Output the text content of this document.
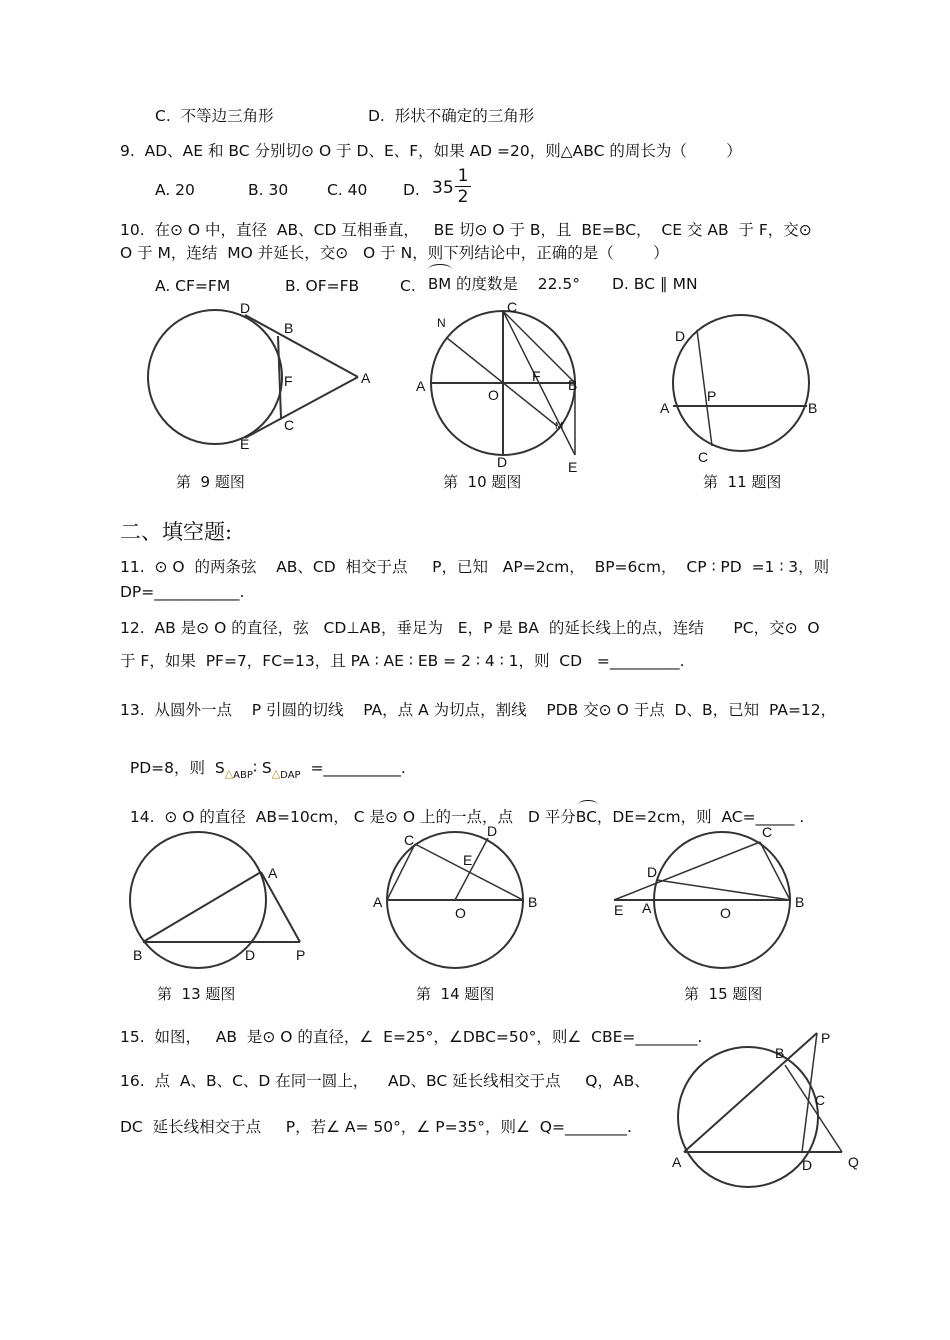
C.  不等边三角形	D.  形状不确定的三角形
9.  AD、AE 和 BC 分别切⊙ O 于 D、E、F，如果 AD =20，则△ABC 的周长为（        ）
A. 20	B. 30	C. 40 D. $35 \frac{1}{2}$
10.  在⊙ O 中，直径  AB、CD 互相垂直，   BE 切⊙ O 于 B，且  BE=BC，  CE 交 AB  于 F，交⊙
O 于 M，连结  MO 并延长，交⊙   O 于 N，则下列结论中，正确的是（        ）
A. CF=FM	B. OF=FB	C. BM 的度数是    22.5° D. BC ∥ MN
D
B
F	A
E
C
N
C
A
O
F
B
M
D	E
D
A
P
B
C
A
B	D	P
C
D
E
A
O
B
C
D
E A	O
B
P
B
C
A	D	Q
第  9 题图	第  10 题图	第  11 题图
二、填空题:
11.  ⊙ O  的两条弦    AB、CD  相交于点     P，已知   AP=2cm，  BP=6cm，  CP ∶ PD  =1 ∶ 3，则
DP=___________.
12.  AB 是⊙ O 的直径，弦   CD⊥AB，垂足为   E，P 是 BA  的延长线上的点，连结      PC，交⊙  O
于 F，如果  PF=7，FC=13，且 PA ∶ AE ∶ EB = 2 ∶ 4 ∶ 1，则  CD   =_________.
13.  从圆外一点    P 引圆的切线    PA，点 A 为切点，割线    PDB 交⊙ O 于点  D、B，已知  PA=12，

PD=8，则  $S_{\triangle ABP}∶$ $S_{\triangle DAP}$ =__________.

14.  ⊙ O 的直径  AB=10cm， C 是⊙ O 上的一点，点   D 平分
BC，DE=2cm，则  AC=_____ .

第  13 题图	第  14 题图	第  15 题图
15.  如图，   AB  是⊙ O 的直径，∠  E=25°，∠DBC=50°，则∠  CBE=________.
16.  点  A、B、C、D 在同一圆上，    AD、BC 延长线相交于点     Q，AB、
DC  延长线相交于点     P，若∠ A= 50°，∠ P=35°，则∠  Q=________.
